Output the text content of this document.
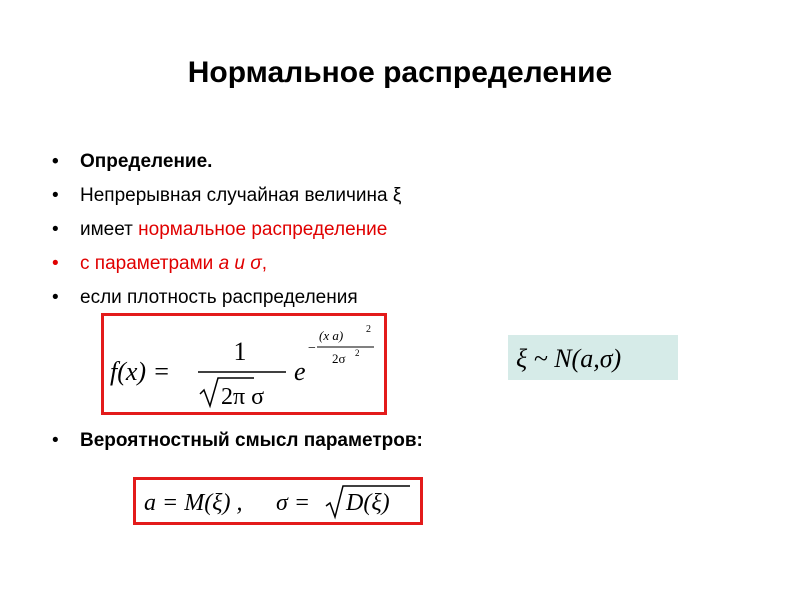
Нормальное распределение
• Определение.
• Непрерывная случайная величина ξ
• имеет нормальное распределение
• с параметрами a и σ,
• если плотность распределения
f(x) =
1
2π σ
e
−
(x a) 2
2σ 2	ξ ~ N(a,σ)
• Вероятностный смысл параметров:
a = M(ξ) , σ = D(ξ)
